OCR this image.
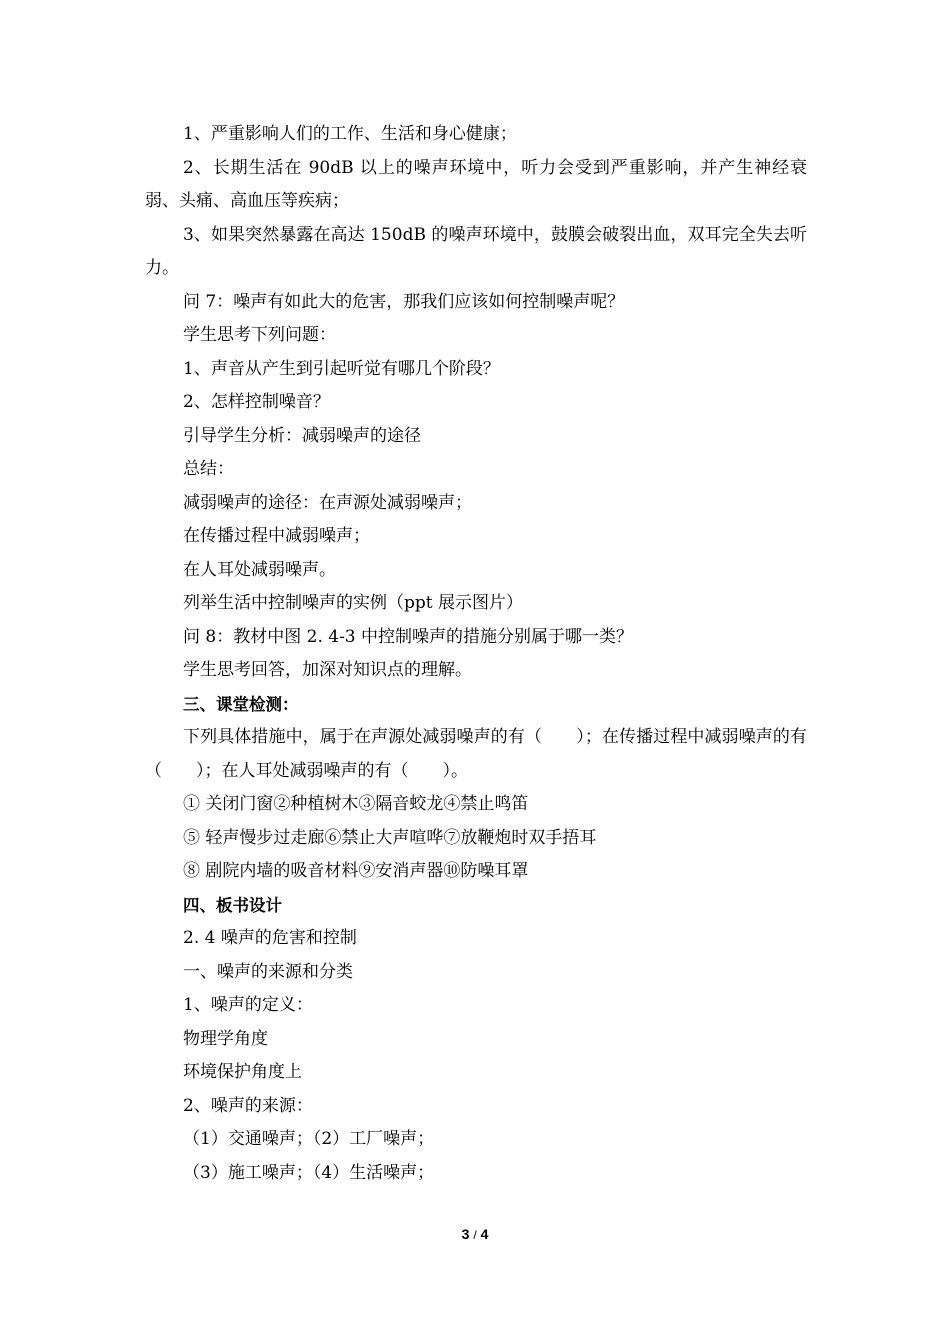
1、严重影响人们的工作、生活和身心健康；

2、长期生活在 90dB 以上的噪声环境中，听力会受到严重影响，并产生神经衰弱、头痛、高血压等疾病；

3、如果突然暴露在高达 150dB 的噪声环境中，鼓膜会破裂出血，双耳完全失去听力。

问 7：噪声有如此大的危害，那我们应该如何控制噪声呢？

学生思考下列问题：

1、声音从产生到引起听觉有哪几个阶段？

2、怎样控制噪音？

引导学生分析：减弱噪声的途径

总结：

减弱噪声的途径：在声源处减弱噪声；

在传播过程中减弱噪声；

在人耳处减弱噪声。

列举生活中控制噪声的实例（ppt 展示图片）

问 8：教材中图 2. 4-3 中控制噪声的措施分别属于哪一类？

学生思考回答，加深对知识点的理解。

三、课堂检测：

下列具体措施中，属于在声源处减弱噪声的有（　　）；在传播过程中减弱噪声的有（　　）；在人耳处减弱噪声的有（　　）。

① 关闭门窗②种植树木③隔音蛟龙④禁止鸣笛

⑤ 轻声慢步过走廊⑥禁止大声喧哗⑦放鞭炮时双手捂耳

⑧ 剧院内墙的吸音材料⑨安消声器⑩防噪耳罩

四、板书设计

2. 4 噪声的危害和控制

一、噪声的来源和分类

1、噪声的定义：

物理学角度

环境保护角度上

2、噪声的来源：

（1）交通噪声；（2）工厂噪声；

（3）施工噪声；（4）生活噪声；

3 / 4
